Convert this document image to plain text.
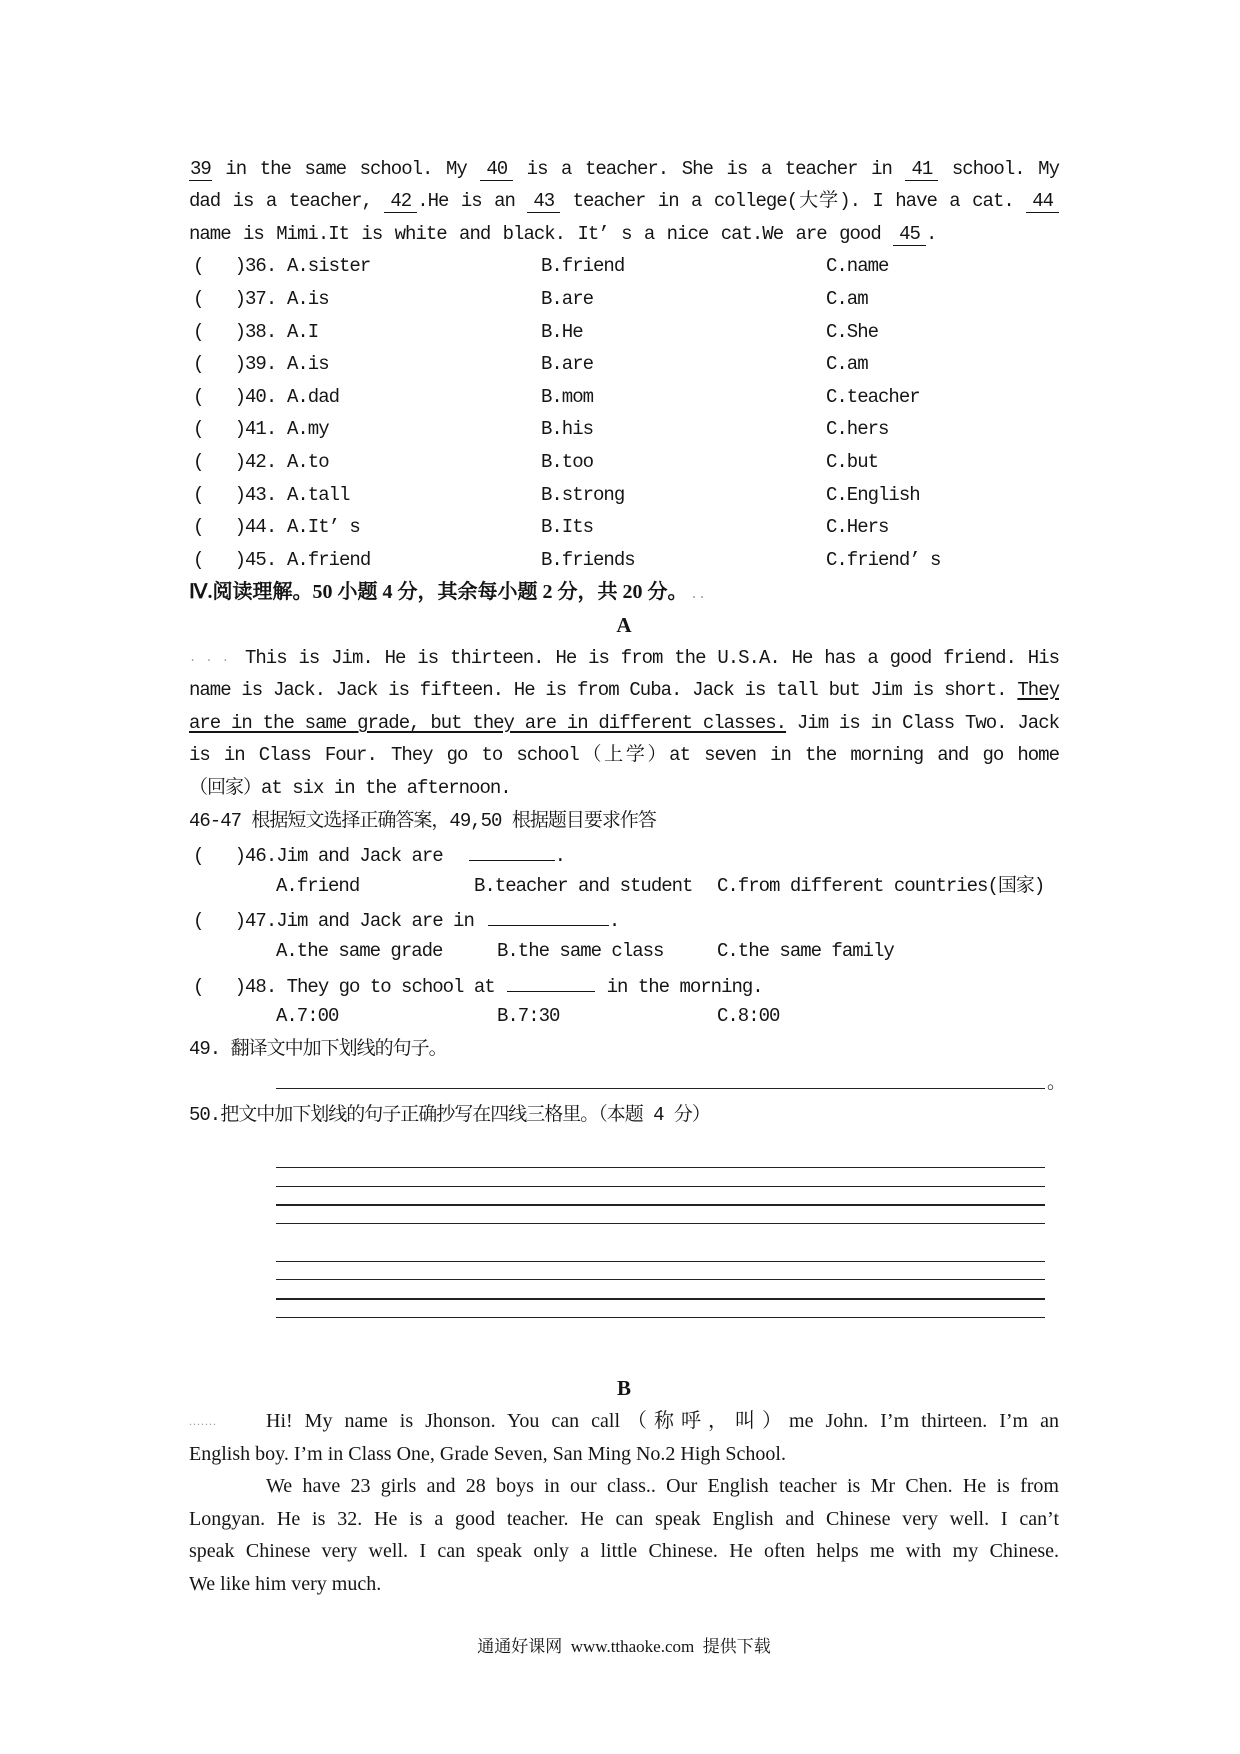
39 in the same school. My 40 is a teacher. She is a teacher in 41 school. My
dad is a teacher, 42 .He is an 43 teacher in a college(大学). I have a cat. 44
name is Mimi.It is white and black. It’ s a nice cat.We are good 45 .
(   )36. A.sister	B.friend	C.name
(   )37. A.is	B.are	C.am
(   )38. A.I	B.He	C.She
(   )39. A.is	B.are	C.am
(   )40. A.dad	B.mom	C.teacher
(   )41. A.my	B.his	C.hers
(   )42. A.to	B.too	C.but
(   )43. A.tall	B.strong	C.English
(   )44. A.It’ s	B.Its	C.Hers
(   )45. A.friend	B.friends	C.friend’ s
Ⅳ.阅读理解。50 小题 4 分，其余每小题 2 分，共 20 分。 . .
A
. . . This is Jim. He is thirteen. He is from the U.S.A. He has a good friend. His
name is Jack. Jack is fifteen. He is from Cuba. Jack is tall but Jim is short. They
are in the same grade, but they are in different classes. Jim is in Class Two. Jack
is in Class Four. They go to school（上学）at seven in the morning and go home
（回家）at six in the afternoon.
46-47 根据短文选择正确答案，49,50 根据题目要求作答
(   )46.Jim and Jack are	.
A.friend	B.teacher and student C.from different countries(国家)
(   )47.Jim and Jack are in	.
A.the same grade	B.the same class	C.the same family
(   )48. They go to school at	in the morning.
A.7:00	B.7:30	C.8:00
49. 翻译文中加下划线的句子。
。
50.把文中加下划线的句子正确抄写在四线三格里。（本题 4 分）
B
....... Hi! My name is Jhonson. You can call（称呼，叫）me John. I’m thirteen. I’m an
English boy. I’m in Class One, Grade Seven, San Ming No.2 High School.
We have 23 girls and 28 boys in our class.. Our English teacher is Mr Chen. He is from
Longyan. He is 32. He is a good teacher. He can speak English and Chinese very well. I can’t
speak Chinese very well. I can speak only a little Chinese. He often helps me with my Chinese.
We like him very much.
通通好课网  www.tthaoke.com  提供下载
